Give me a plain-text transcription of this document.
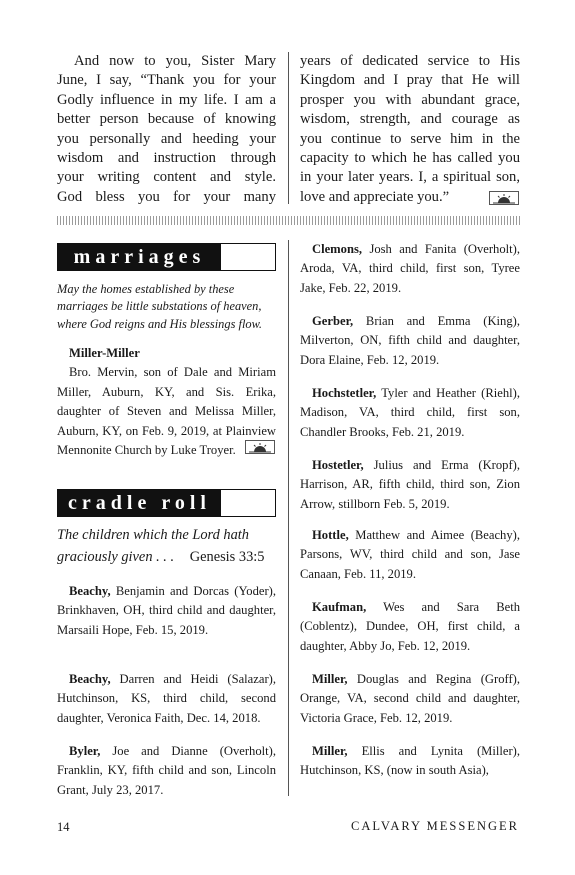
And now to you, Sister Mary

June, I say, “Thank you for your
Godly influence in my life. I am a
better person because of knowing
you personally and heeding your
wisdom and instruction through
your writing content and style.
God bless you for your many
years of dedicated service to His
Kingdom and I pray that He will
prosper you with abundant grace,
wisdom, strength, and courage as
you continue to serve him in the
capacity to which he has called you
in your later years. I, a spiritual son,
love and appreciate you.”
marriages
May the homes established by these marriages be little substations of heaven, where God reigns and His blessings flow.
Miller-Miller

Bro. Mervin, son of Dale and Miriam Miller, Auburn, KY, and Sis. Erika, daughter of Steven and Melissa Miller, Auburn, KY, on Feb. 9, 2019, at Plainview Mennonite Church by Luke Troyer.

cradle roll
The children which the Lord hath
graciously given . . . Genesis 33:5

Beachy, Benjamin and Dorcas (Yoder), Brinkhaven, OH, third child and daughter, Marsaili Hope, Feb. 15, 2019.

Beachy, Darren and Heidi (Salazar), Hutchinson, KS, third child, second daughter, Veronica Faith, Dec. 14, 2018.

Byler, Joe and Dianne (Overholt), Franklin, KY, fifth child and son, Lincoln Grant, July 23, 2017.

Clemons, Josh and Fanita (Overholt), Aroda, VA, third child, first son, Tyree Jake, Feb. 22, 2019.

Gerber, Brian and Emma (King), Milverton, ON, fifth child and daughter, Dora Elaine, Feb. 12, 2019.

Hochstetler, Tyler and Heather (Riehl), Madison, VA, third child, first son, Chandler Brooks, Feb. 21, 2019.

Hostetler, Julius and Erma (Kropf), Harrison, AR, fifth child, third son, Zion Arrow, stillborn Feb. 5, 2019.

Hottle, Matthew and Aimee (Beachy), Parsons, WV, third child and son, Jase Canaan, Feb. 11, 2019.

Kaufman, Wes and Sara Beth (Coblentz), Dundee, OH, first child, a daughter, Abby Jo, Feb. 12, 2019.

Miller, Douglas and Regina (Groff), Orange, VA, second child and daughter, Victoria Grace, Feb. 12, 2019.

Miller, Ellis and Lynita (Miller), Hutchinson, KS, (now in south Asia),

14	CALVARY MESSENGER
